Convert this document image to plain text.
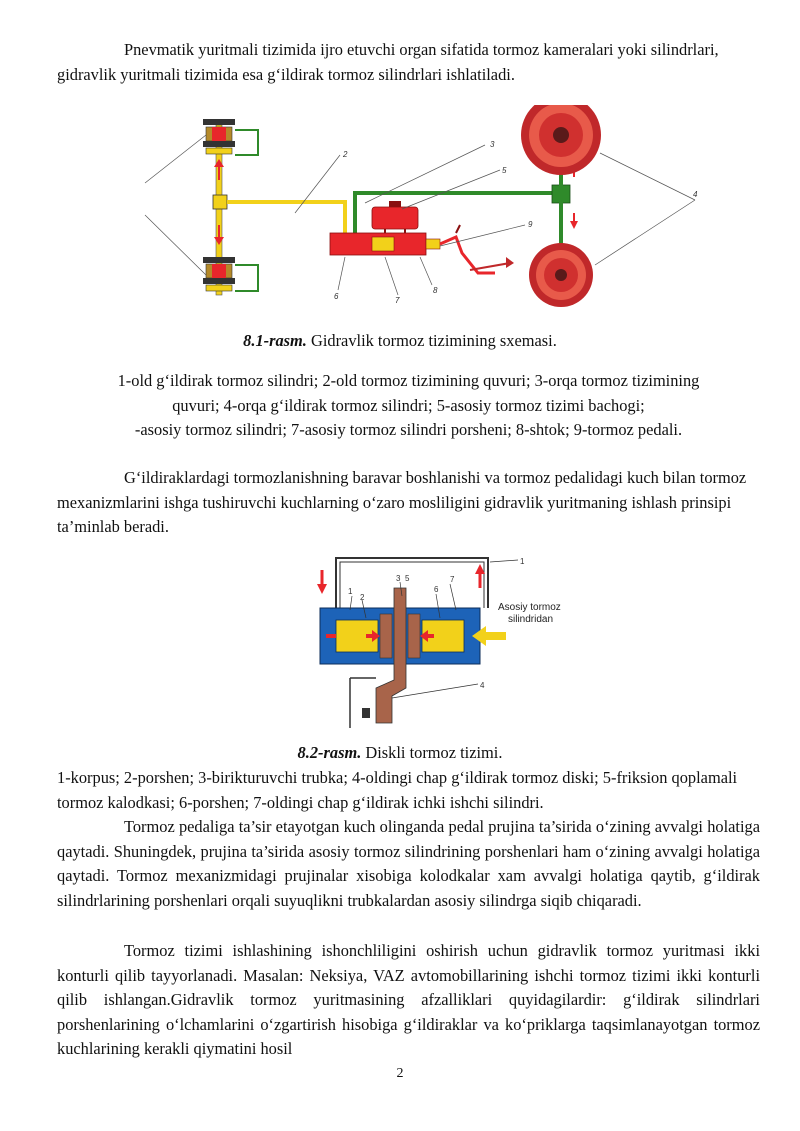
Pnevmatik yuritmali tizimida ijro etuvchi organ sifatida tormoz kameralari yoki silindrlari, gidravlik yuritmali tizimida esa g‘ildirak tormoz silindrlari ishlatiladi.

2
3
5
9
4
6	7
8

8.1-rasm. Gidravlik tormoz tizimining sxemasi.

1-old g‘ildirak tormoz silindri; 2-old tormoz tizimining quvuri; 3-orqa tormoz tizimining
quvuri; 4-orqa g‘ildirak tormoz silindri; 5-asosiy tormoz tizimi bachogi;
-asosiy tormoz silindri; 7-asosiy tormoz silindri porsheni; 8-shtok; 9-tormoz pedali.

G‘ildiraklardagi tormozlanishning baravar boshlanishi va tormoz pedalidagi kuch bilan tormoz mexanizmlarini ishga tushiruvchi kuchlarning o‘zaro mosliligini gidravlik yuritmaning ishlash prinsipi ta’minlab beradi.

1
1
2
3 5
6
7
4
Asosiy tormoz
silindridan

8.2-rasm. Diskli tormoz tizimi.

1-korpus; 2-porshen; 3-birikturuvchi trubka; 4-oldingi chap g‘ildirak tormoz diski; 5-friksion qoplamali tormoz kalodkasi; 6-porshen; 7-oldingi chap g‘ildirak ichki ishchi silindri.

Tormoz pedaliga ta’sir etayotgan kuch olinganda pedal prujina ta’sirida o‘zining avvalgi holatiga qaytadi. Shuningdek, prujina ta’sirida asosiy tormoz silindrining porshenlari ham o‘zining avvalgi holatiga qaytadi. Tormoz mexanizmidagi prujinalar xisobiga kolodkalar xam avvalgi holatiga qaytib, g‘ildirak silindrlarining porshenlari orqali suyuqlikni trubkalardan asosiy silindrga siqib chiqaradi.

Tormoz tizimi ishlashining ishonchliligini oshirish uchun gidravlik tormoz yuritmasi ikki konturli qilib tayyorlanadi. Masalan: Neksiya, VAZ avtomobillarining ishchi tormoz tizimi ikki konturli qilib ishlangan.Gidravlik tormoz yuritmasining afzalliklari quyidagilardir: g‘ildirak silindrlari porshenlarining o‘lchamlarini o‘zgartirish hisobiga g‘ildiraklar va ko‘priklarga taqsimlanayotgan tormoz kuchlarining kerakli qiymatini hosil

2
